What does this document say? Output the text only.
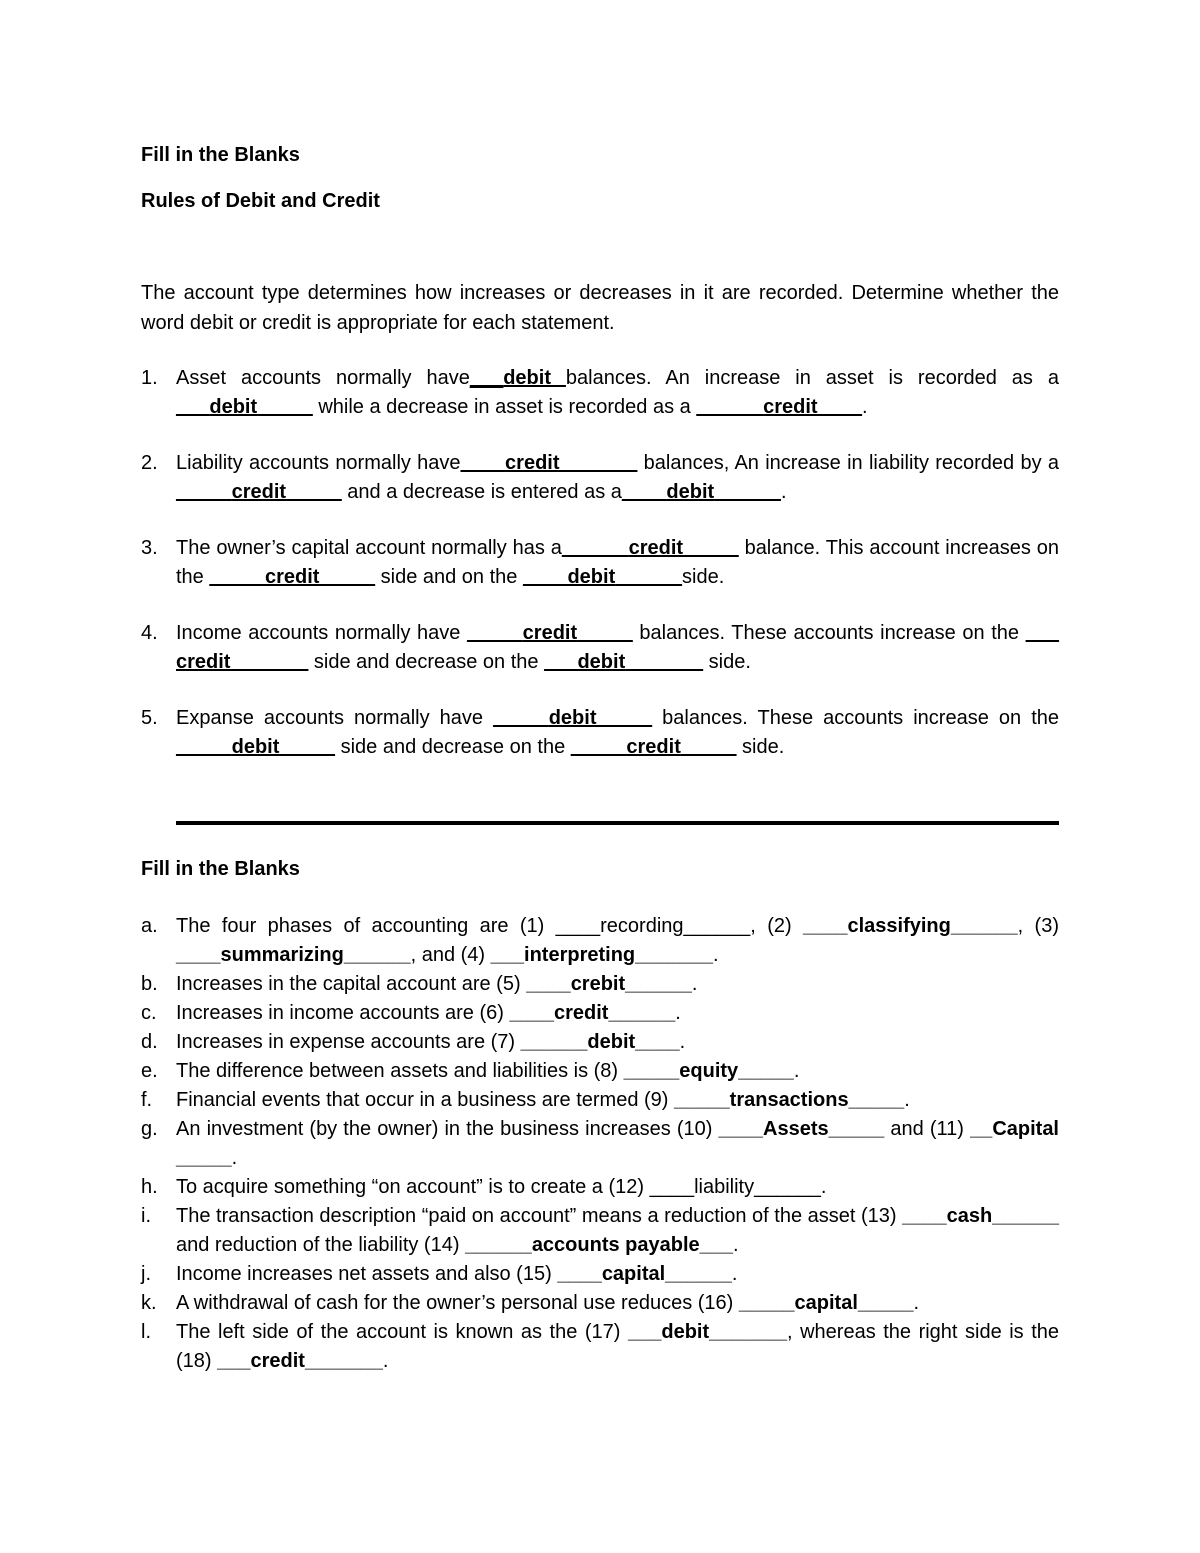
Fill in the Blanks

Rules of Debit and Credit

The account type determines how increases or decreases in it are recorded. Determine whether the word debit or credit is appropriate for each statement.

1. Asset accounts normally have___debit balances. An increase in asset is recorded as a ___debit_____ while a decrease in asset is recorded as a ______credit____.
2. Liability accounts normally have____credit_______ balances, An increase in liability recorded by a _____credit_____ and a decrease is entered as a____debit______.
3. The owner’s capital account normally has a______credit_____ balance. This account increases on the _____credit_____ side and on the ____debit______side.
4. Income accounts normally have _____credit_____ balances. These accounts increase on the ___ credit_______ side and decrease on the ___debit_______ side.
5. Expanse accounts normally have _____debit_____ balances. These accounts increase on the _____debit_____ side and decrease on the _____credit_____ side.

Fill in the Blanks

a. The four phases of accounting are (1) ____recording______, (2) ____classifying______, (3) ____summarizing______, and (4) ___interpreting_______.
b. Increases in the capital account are (5) ____crebit______.
c. Increases in income accounts are (6) ____credit______.
d. Increases in expense accounts are (7) ______debit____.
e. The difference between assets and liabilities is (8) _____equity_____.
f. Financial events that occur in a business are termed (9) _____transactions_____.
g. An investment (by the owner) in the business increases (10) ____Assets_____ and (11) __Capital _____.
h. To acquire something “on account” is to create a (12) ____liability______.
i. The transaction description “paid on account” means a reduction of the asset (13) ____cash______ and reduction of the liability (14) ______accounts payable___.
j. Income increases net assets and also (15) ____capital______.
k. A withdrawal of cash for the owner’s personal use reduces (16) _____capital_____.
l. The left side of the account is known as the (17) ___debit_______, whereas the right side is the (18) ___credit_______.
